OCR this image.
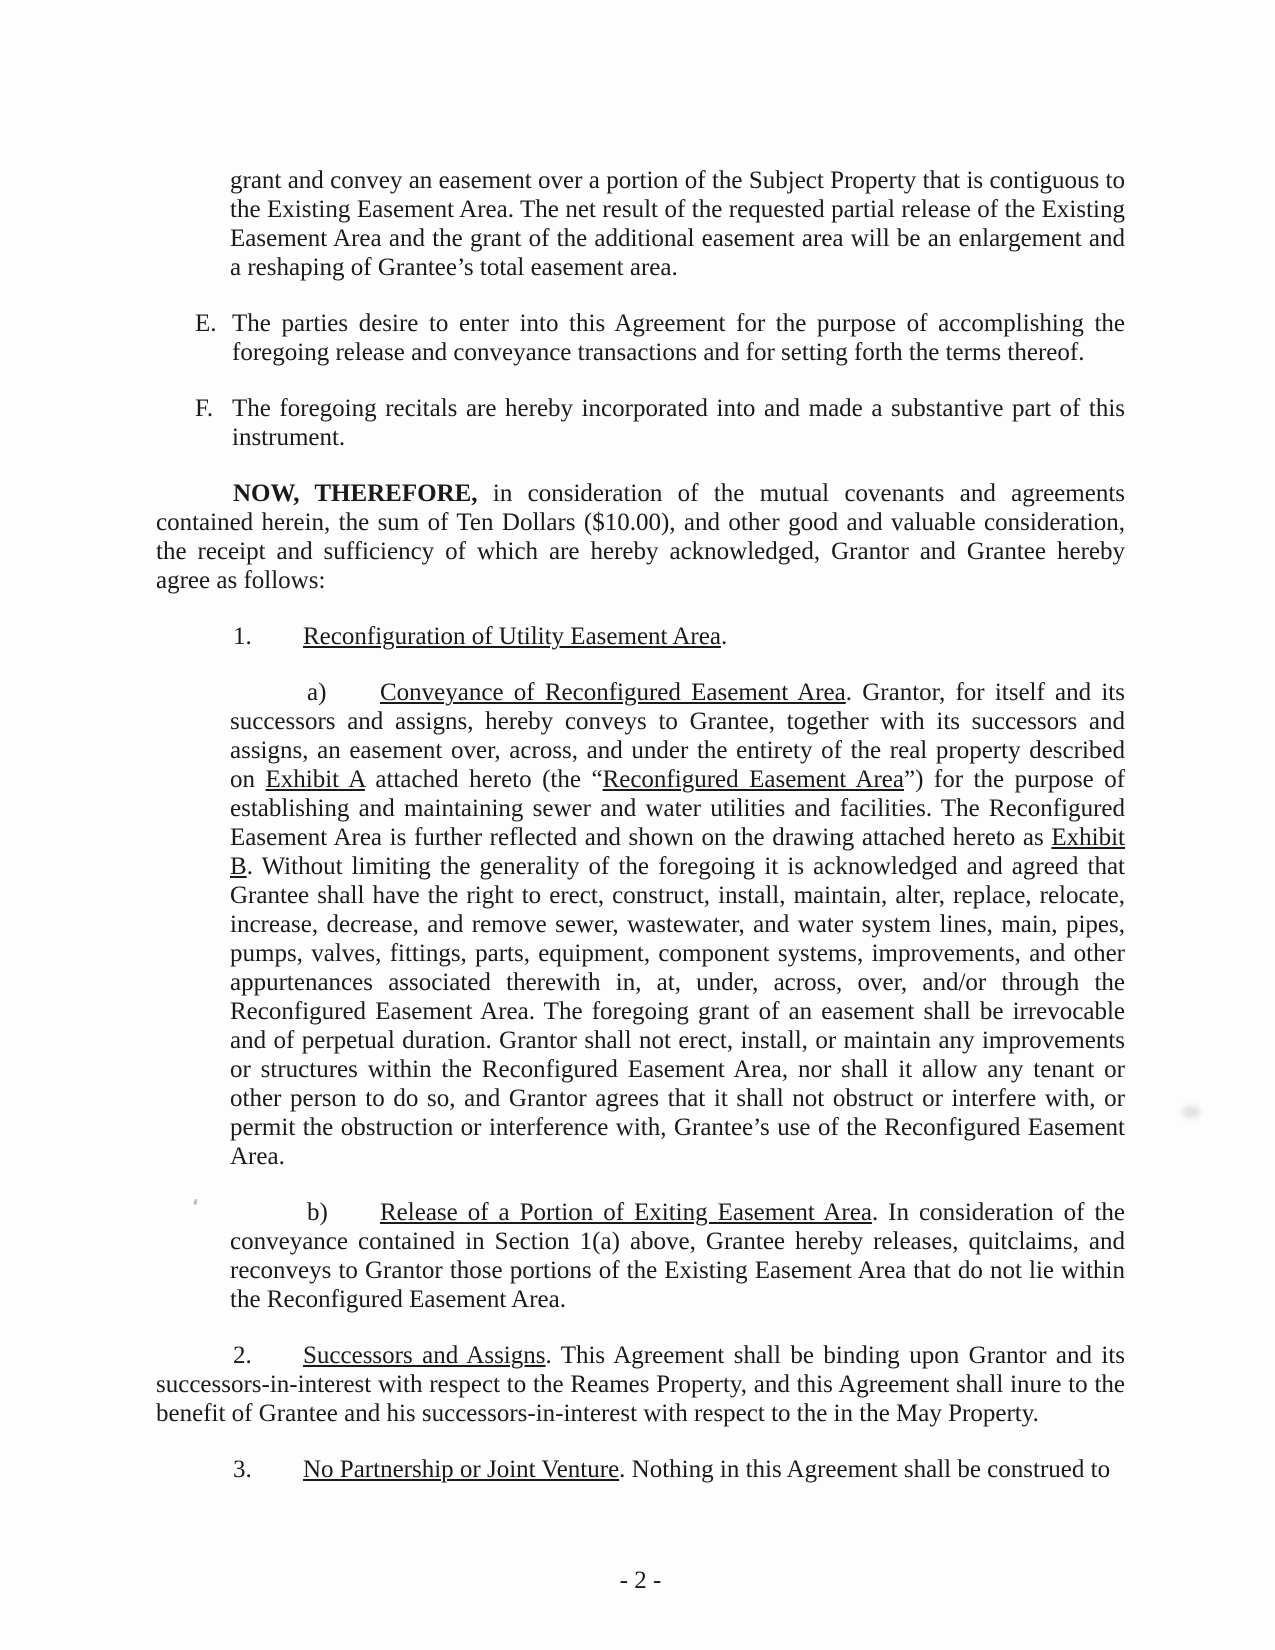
grant and convey an easement over a portion of the Subject Property that is contiguous to the Existing Easement Area. The net result of the requested partial release of the Existing Easement Area and the grant of the additional easement area will be an enlargement and a reshaping of Grantee’s total easement area.

E. The parties desire to enter into this Agreement for the purpose of accomplishing the foregoing release and conveyance transactions and for setting forth the terms thereof.
F. The foregoing recitals are hereby incorporated into and made a substantive part of this instrument.

NOW, THEREFORE, in consideration of the mutual covenants and agreements contained herein, the sum of Ten Dollars ($10.00), and other good and valuable consideration, the receipt and sufficiency of which are hereby acknowledged, Grantor and Grantee hereby agree as follows:

1. Reconfiguration of Utility Easement Area.

a) Conveyance of Reconfigured Easement Area. Grantor, for itself and its successors and assigns, hereby conveys to Grantee, together with its successors and assigns, an easement over, across, and under the entirety of the real property described on Exhibit A attached hereto (the “Reconfigured Easement Area”) for the purpose of establishing and maintaining sewer and water utilities and facilities. The Reconfigured Easement Area is further reflected and shown on the drawing attached hereto as Exhibit B. Without limiting the generality of the foregoing it is acknowledged and agreed that Grantee shall have the right to erect, construct, install, maintain, alter, replace, relocate, increase, decrease, and remove sewer, wastewater, and water system lines, main, pipes, pumps, valves, fittings, parts, equipment, component systems, improvements, and other appurtenances associated therewith in, at, under, across, over, and/or through the Reconfigured Easement Area. The foregoing grant of an easement shall be irrevocable and of perpetual duration. Grantor shall not erect, install, or maintain any improvements or structures within the Reconfigured Easement Area, nor shall it allow any tenant or other person to do so, and Grantor agrees that it shall not obstruct or interfere with, or permit the obstruction or interference with, Grantee’s use of the Reconfigured Easement Area.

b) Release of a Portion of Exiting Easement Area. In consideration of the conveyance contained in Section 1(a) above, Grantee hereby releases, quitclaims, and reconveys to Grantor those portions of the Existing Easement Area that do not lie within the Reconfigured Easement Area.

2. Successors and Assigns. This Agreement shall be binding upon Grantor and its successors-in-interest with respect to the Reames Property, and this Agreement shall inure to the benefit of Grantee and his successors-in-interest with respect to the in the May Property.

3. No Partnership or Joint Venture. Nothing in this Agreement shall be construed to

- 2 -
